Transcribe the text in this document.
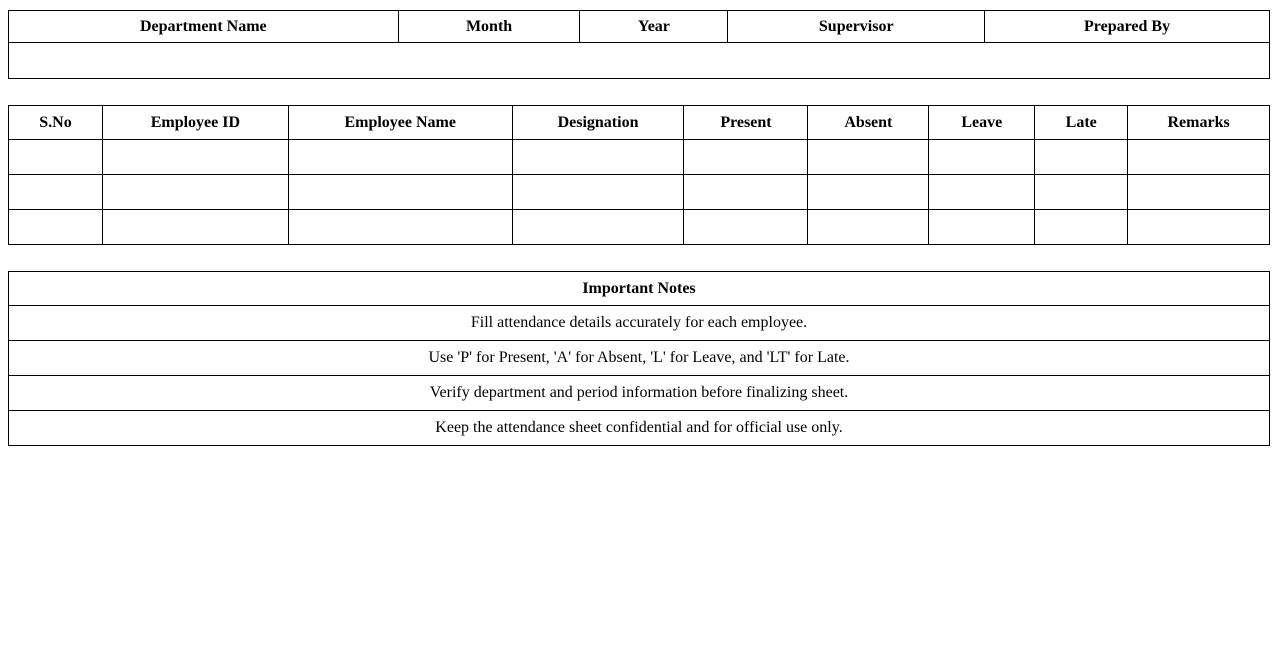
Department Name	Month	Year	Supervisor	Prepared By

S.No	Employee ID	Employee Name	Designation	Present	Absent	Leave	Late	Remarks

Important Notes
Fill attendance details accurately for each employee.
Use 'P' for Present, 'A' for Absent, 'L' for Leave, and 'LT' for Late.
Verify department and period information before finalizing sheet.
Keep the attendance sheet confidential and for official use only.
